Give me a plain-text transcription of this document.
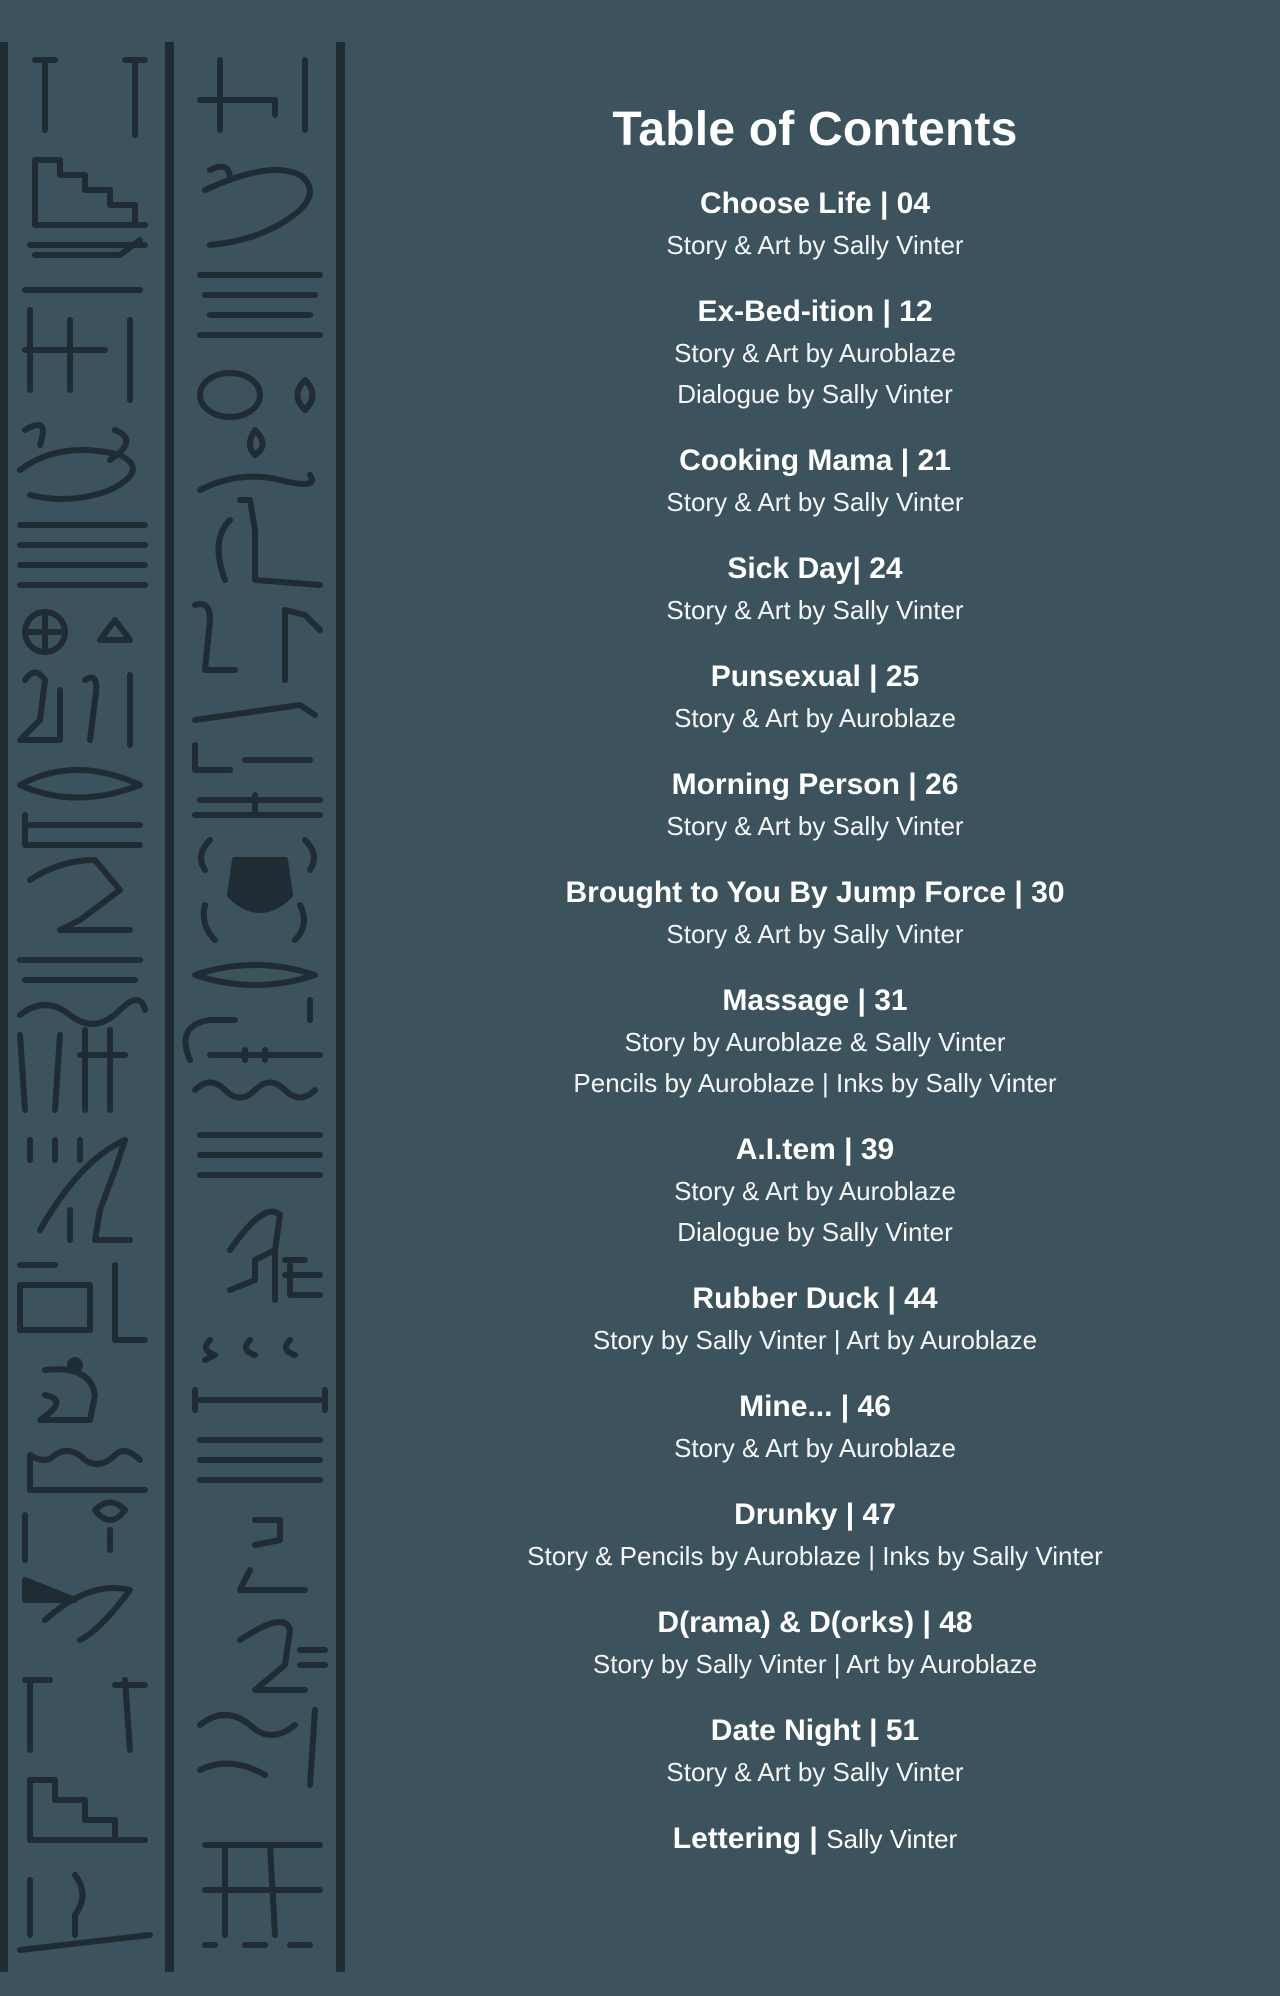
Table of Contents
Choose Life | 04
Story & Art by Sally Vinter
Ex-Bed-ition | 12
Story & Art by Auroblaze
Dialogue by Sally Vinter
Cooking Mama | 21
Story & Art by Sally Vinter
Sick Day| 24
Story & Art by Sally Vinter
Punsexual | 25
Story & Art by Auroblaze
Morning Person | 26
Story & Art by Sally Vinter
Brought to You By Jump Force | 30
Story & Art by Sally Vinter
Massage | 31
Story by Auroblaze & Sally Vinter
Pencils by Auroblaze | Inks by Sally Vinter
A.I.tem | 39
Story & Art by Auroblaze
Dialogue by Sally Vinter
Rubber Duck | 44
Story by Sally Vinter | Art by Auroblaze
Mine... | 46
Story & Art by Auroblaze
Drunky | 47
Story & Pencils by Auroblaze | Inks by Sally Vinter
D(rama) & D(orks) | 48
Story by Sally Vinter | Art by Auroblaze
Date Night | 51
Story & Art by Sally Vinter
Lettering | Sally Vinter
